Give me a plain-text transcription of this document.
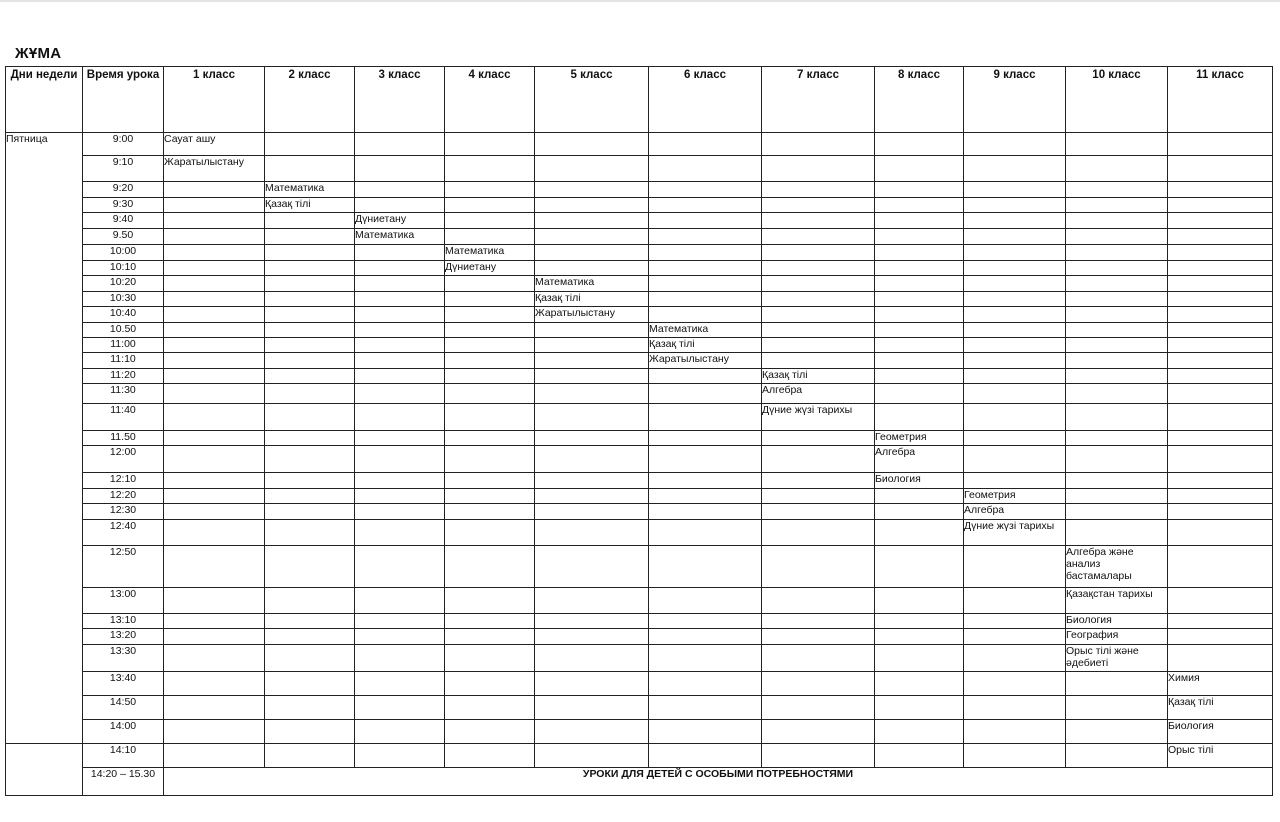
ЖҰМА
Дни недели	Время урока	1 класс	2 класс	3 класс	4 класс	5 класс	6 класс	7 класс	8 класс	9 класс	10 класс	11 класс
Пятница	9:00	Сауат ашу										
	9:10	Жаратылыстану										
	9:20		Математика									
	9:30		Қазақ тілі									
	9:40			Дүниетану								
	9.50			Математика								
	10:00				Математика							
	10:10				Дүниетану							
	10:20					Математика						
	10:30					Қазақ тілі						
	10:40					Жаратылыстану						
	10.50						Математика					
	11:00						Қазақ тілі					
	11:10						Жаратылыстану					
	11:20							Қазақ тілі				
	11:30							Алгебра				
	11:40							Дүние жүзі тарихы				
	11.50								Геометрия			
	12:00								Алгебра			
	12:10								Биология			
	12:20									Геометрия		
	12:30									Алгебра		
	12:40									Дүние жүзі тарихы		
	12:50										Алгебра және анализ бастамалары	
	13:00										Қазақстан тарихы	
	13:10										Биология	
	13:20										География	
	13:30										Орыс тілі және әдебиеті	
	13:40											Химия
	14:50											Қазақ тілі
	14:00											Биология
	14:10											Орыс тілі
	14:20 – 15.30	УРОКИ ДЛЯ ДЕТЕЙ С ОСОБЫМИ ПОТРЕБНОСТЯМИ										
